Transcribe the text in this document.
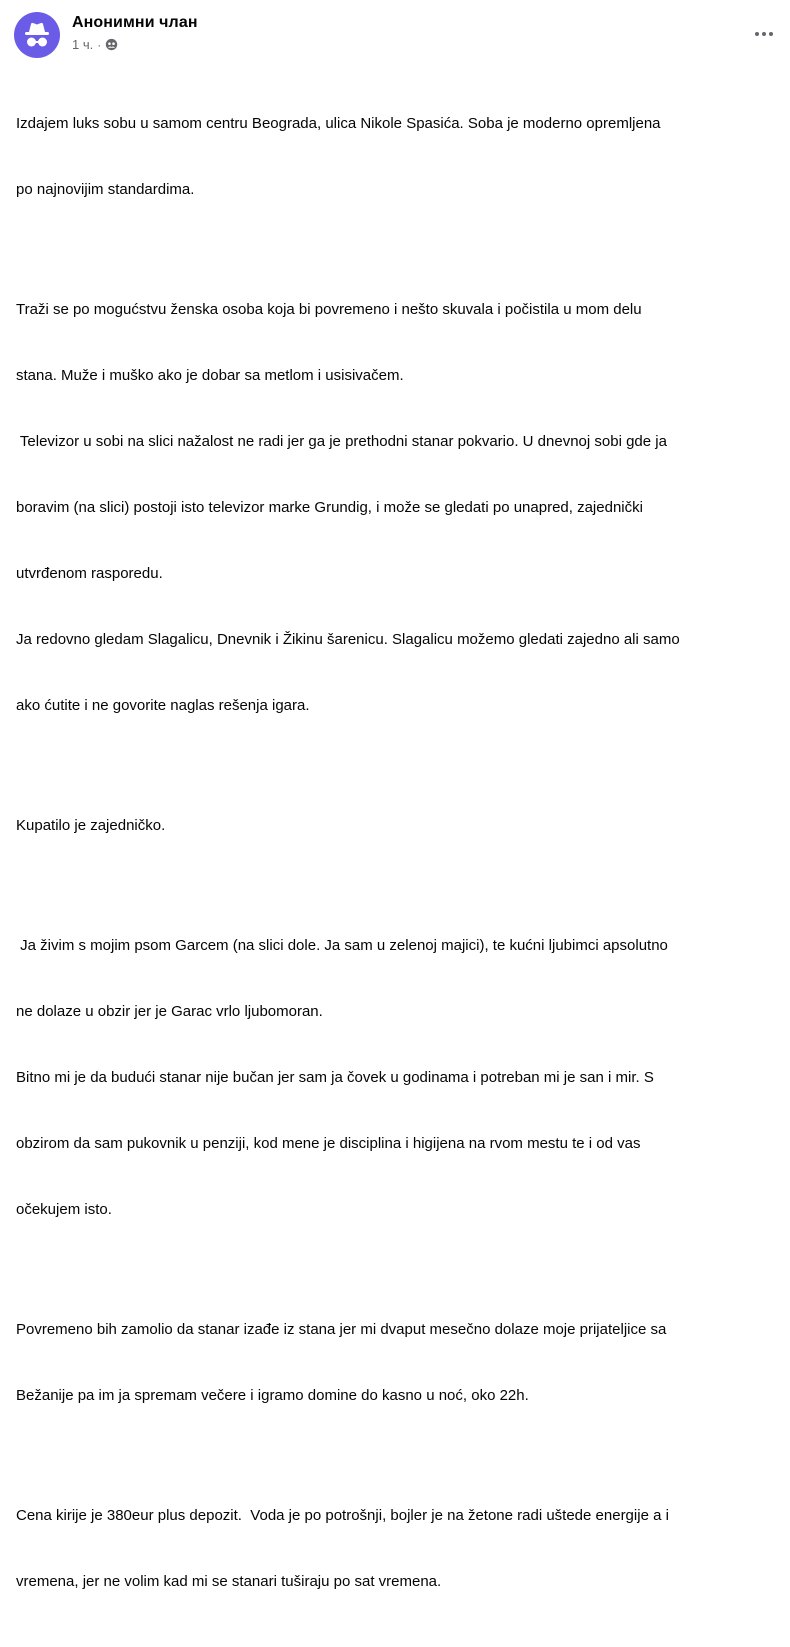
Анонимни члан
1 ч. ·

Izdajem luks sobu u samom centru Beograda, ulica Nikole Spasića. Soba je moderno opremljena

po najnovijim standardima.

Traži se po mogućstvu ženska osoba koja bi povremeno i nešto skuvala i počistila u mom delu

stana. Muže i muško ako je dobar sa metlom i usisivačem.

Televizor u sobi na slici nažalost ne radi jer ga je prethodni stanar pokvario. U dnevnoj sobi gde ja

boravim (na slici) postoji isto televizor marke Grundig, i može se gledati po unapred, zajednički

utvrđenom rasporedu.

Ja redovno gledam Slagalicu, Dnevnik i Žikinu šarenicu. Slagalicu možemo gledati zajedno ali samo

ako ćutite i ne govorite naglas rešenja igara.

Kupatilo je zajedničko.

Ja živim s mojim psom Garcem (na slici dole. Ja sam u zelenoj majici), te kućni ljubimci apsolutno

ne dolaze u obzir jer je Garac vrlo ljubomoran.

Bitno mi je da budući stanar nije bučan jer sam ja čovek u godinama i potreban mi je san i mir. S

obzirom da sam pukovnik u penziji, kod mene je disciplina i higijena na rvom mestu te i od vas

očekujem isto.

Povremeno bih zamolio da stanar izađe iz stana jer mi dvaput mesečno dolaze moje prijateljice sa

Bežanije pa im ja spremam večere i igramo domine do kasno u noć, oko 22h.

Cena kirije je 380eur plus depozit.  Voda je po potrošnji, bojler je na žetone radi uštede energije a i

vremena, jer ne volim kad mi se stanari tuširaju po sat vremena.
